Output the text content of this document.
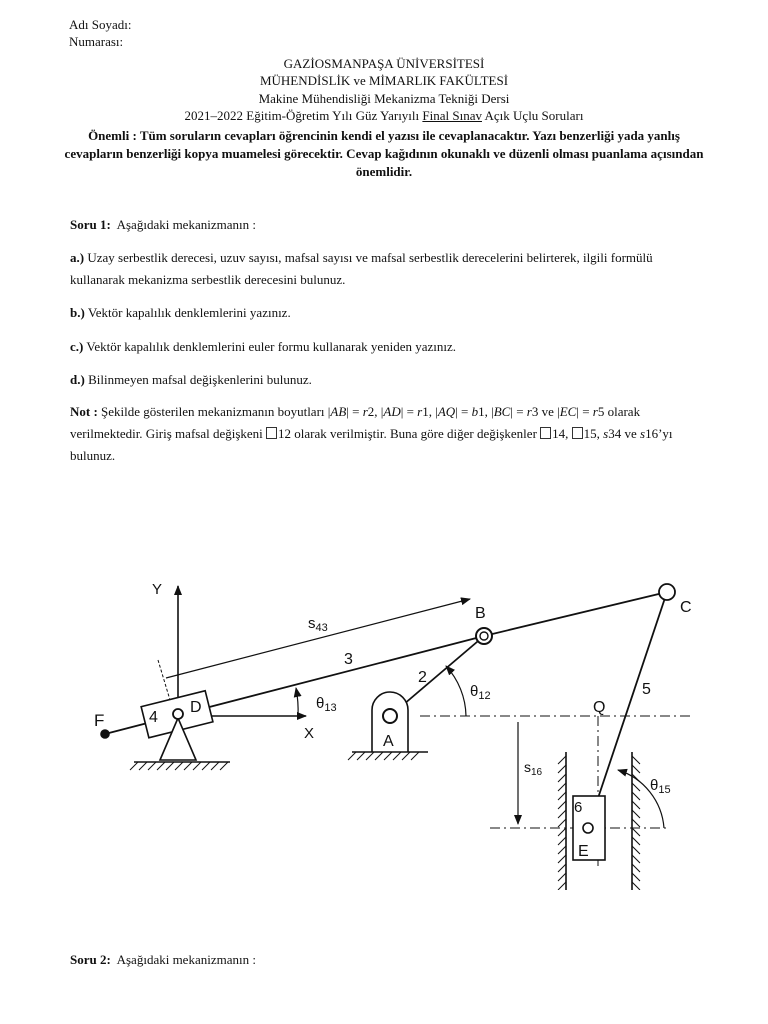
Adı Soyadı:
Numarası:
GAZİOSMANPAŞA ÜNİVERSİTESİ
MÜHENDİSLİK ve MİMARLIK FAKÜLTESİ
Makine Mühendisliği Mekanizma Tekniği Dersi
2021–2022 Eğitim-Öğretim Yılı Güz Yarıyılı Final Sınav Açık Uçlu Soruları
Önemli : Tüm soruların cevapları öğrencinin kendi el yazısı ile cevaplanacaktır. Yazı benzerliği yada yanlış cevapların benzerliği kopya muamelesi görecektir. Cevap kağıdının okunaklı ve düzenli olması puanlama açısından önemlidir.
Soru 1: Aşağıdaki mekanizmanın :
a.) Uzay serbestlik derecesi, uzuv sayısı, mafsal sayısı ve mafsal serbestlik derecelerini belirterek, ilgili formülü kullanarak mekanizma serbestlik derecesini bulunuz.
b.) Vektör kapalılık denklemlerini yazınız.
c.) Vektör kapalılık denklemlerini euler formu kullanarak yeniden yazınız.
d.) Bilinmeyen mafsal değişkenlerini bulunuz.
Not : Şekilde gösterilen mekanizmanın boyutları |AB| = r2, |AD| = r1, |AQ| = b1, |BC| = r3 ve |EC| = r5 olarak verilmektedir. Giriş mafsal değişkeni 12 olarak verilmiştir. Buna göre diğer değişkenler 14, 15, s34 ve s16’yı bulunuz.
Y
X
F
D
4
A
B	C
Q
E
6
2
3
5
$s_{43}$
$s_{16}$
$\theta_{13}$
$\theta_{12}$
$\theta_{15}$
Soru 2: Aşağıdaki mekanizmanın :
